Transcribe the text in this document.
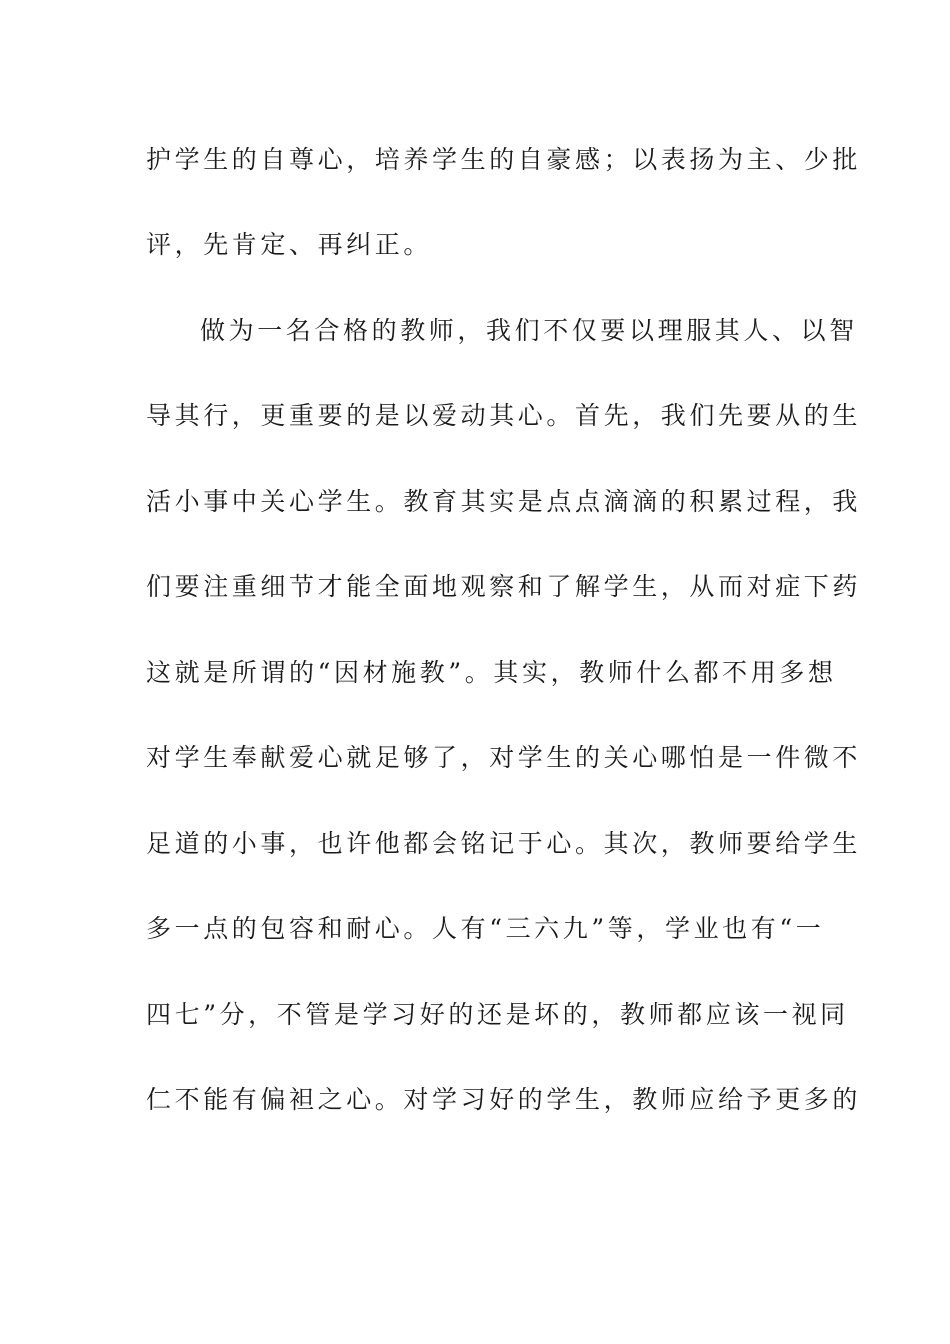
护学生的自尊心，培养学生的自豪感；以表扬为主、少批
评，先肯定、再纠正。
做为一名合格的教师，我们不仅要以理服其人、以智
导其行，更重要的是以爱动其心。首先，我们先要从的生
活小事中关心学生。教育其实是点点滴滴的积累过程，我
们要注重细节才能全面地观察和了解学生，从而对症下药
这就是所谓的“因材施教”。其实，教师什么都不用多想
对学生奉献爱心就足够了，对学生的关心哪怕是一件微不
足道的小事，也许他都会铭记于心。其次，教师要给学生
多一点的包容和耐心。人有“三六九”等，学业也有“一
四七”分，不管是学习好的还是坏的，教师都应该一视同
仁不能有偏袒之心。对学习好的学生，教师应给予更多的
